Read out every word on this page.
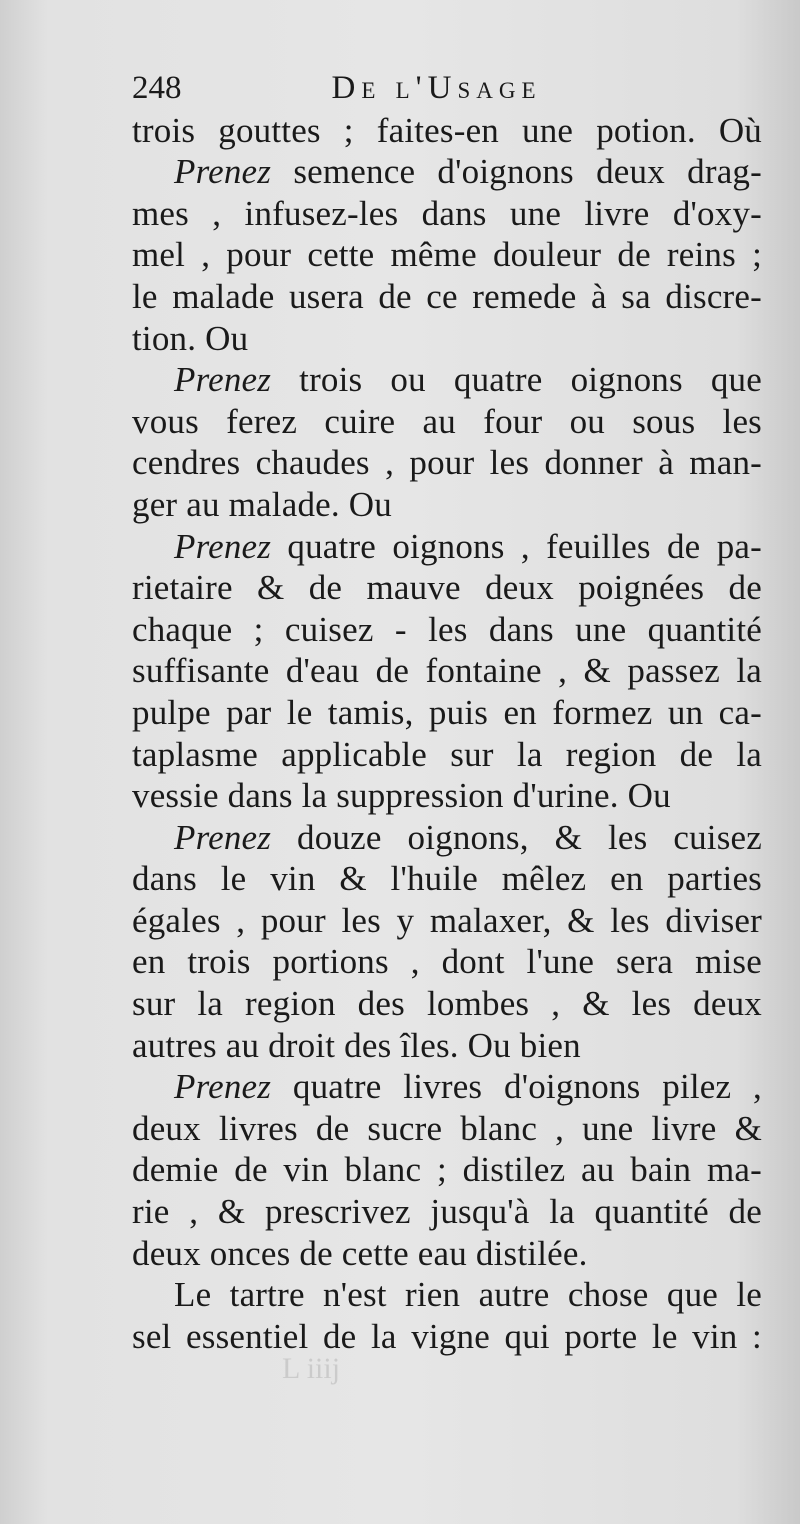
248	De l'Usage
trois gouttes ; faites-en une potion. Où
Prenez semence d'oignons deux drag-
mes , infusez-les dans une livre d'oxy-
mel , pour cette même douleur de reins ;
le malade usera de ce remede à sa discre-
tion. Ou
Prenez trois ou quatre oignons que
vous ferez cuire au four ou sous les
cendres chaudes , pour les donner à man-
ger au malade. Ou
Prenez quatre oignons , feuilles de pa-
rietaire & de mauve deux poignées de
chaque ; cuisez - les dans une quantité
suffisante d'eau de fontaine , & passez la
pulpe par le tamis, puis en formez un ca-
taplasme applicable sur la region de la
vessie dans la suppression d'urine. Ou
Prenez douze oignons, & les cuisez
dans le vin & l'huile mêlez en parties
égales , pour les y malaxer, & les diviser
en trois portions , dont l'une sera mise
sur la region des lombes , & les deux
autres au droit des îles. Ou bien
Prenez quatre livres d'oignons pilez ,
deux livres de sucre blanc , une livre &
demie de vin blanc ; distilez au bain ma-
rie , & prescrivez jusqu'à la quantité de
deux onces de cette eau distilée.
Le tartre n'est rien autre chose que le
sel essentiel de la vigne qui porte le vin :
L iiij
